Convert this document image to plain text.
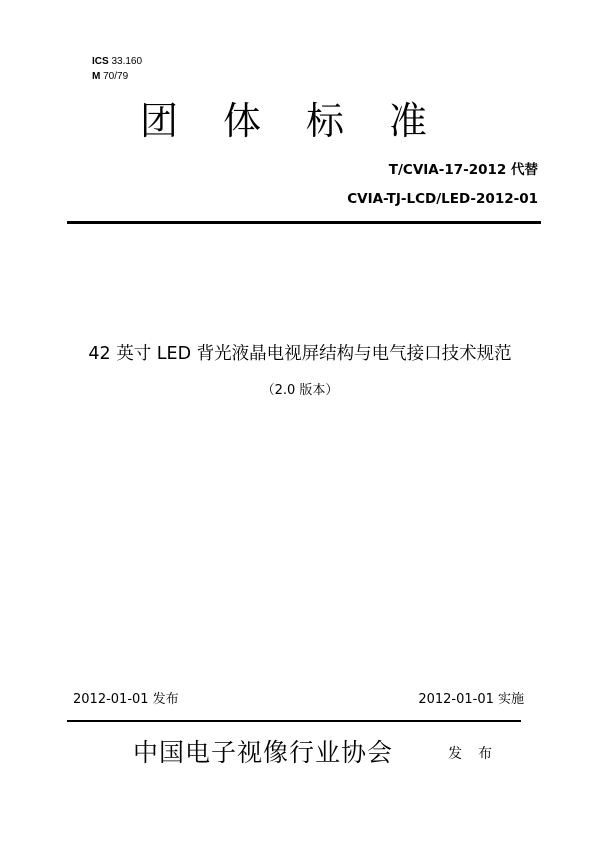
ICS 33.160
M 70/79
团体标准
T/CVIA-17-2012 代替
CVIA-TJ-LCD/LED-2012-01
42 英寸 LED 背光液晶电视屏结构与电气接口技术规范
（2.0 版本）
2012-01-01 发布	2012-01-01 实施
中国电子视像行业协会	发布
